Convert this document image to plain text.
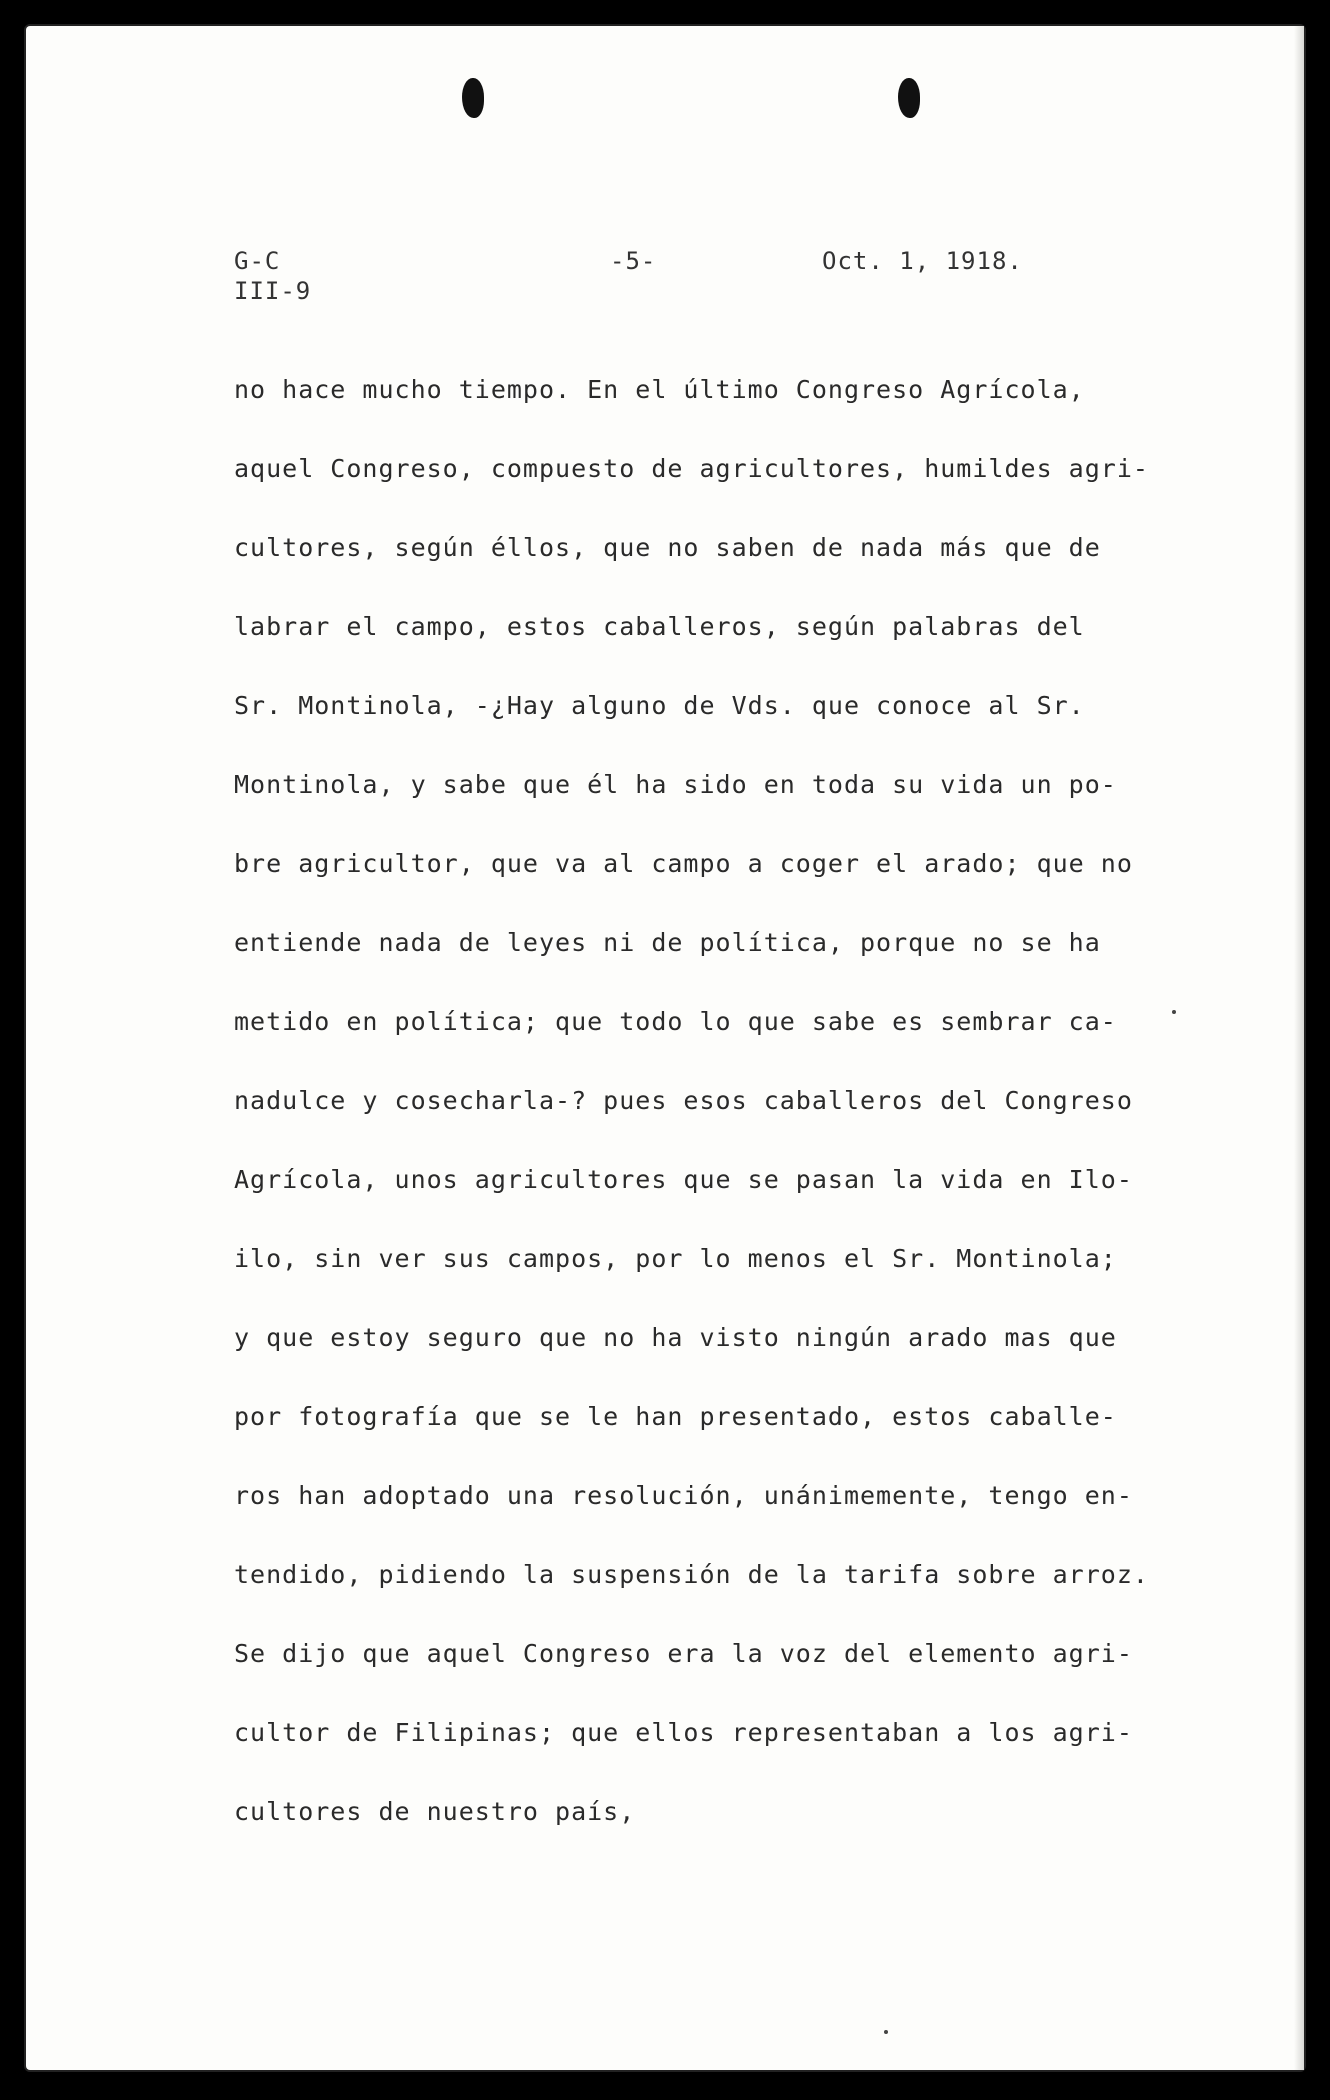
G-C
III-9
-5-	Oct. 1, 1918.
no hace mucho tiempo. En el último Congreso Agrícola,
aquel Congreso, compuesto de agricultores, humildes agri-
cultores, según éllos, que no saben de nada más que de
labrar el campo, estos caballeros, según palabras del
Sr. Montinola, -¿Hay alguno de Vds. que conoce al Sr.
Montinola, y sabe que él ha sido en toda su vida un po-
bre agricultor, que va al campo a coger el arado; que no
entiende nada de leyes ni de política, porque no se ha
metido en política; que todo lo que sabe es sembrar ca-
nadulce y cosecharla-? pues esos caballeros del Congreso
Agrícola, unos agricultores que se pasan la vida en Ilo-
ilo, sin ver sus campos, por lo menos el Sr. Montinola;
y que estoy seguro que no ha visto ningún arado mas que
por fotografía que se le han presentado, estos caballe-
ros han adoptado una resolución, unánimemente, tengo en-
tendido, pidiendo la suspensión de la tarifa sobre arroz.
Se dijo que aquel Congreso era la voz del elemento agri-
cultor de Filipinas; que ellos representaban a los agri-
cultores de nuestro país,
